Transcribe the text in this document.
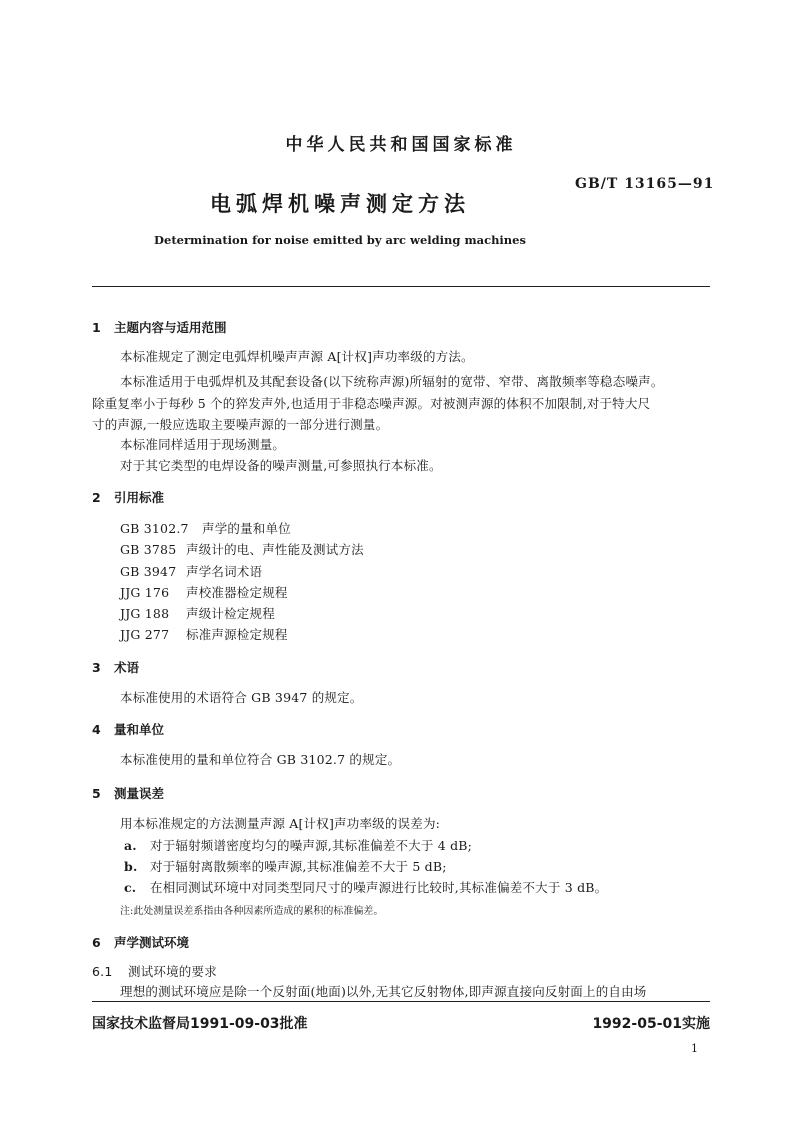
中华人民共和国国家标准
GB/T 13165—91
电弧焊机噪声测定方法
Determination for noise emitted by arc welding machines
1 主题内容与适用范围
本标准规定了测定电弧焊机噪声声源 A[计权]声功率级的方法。
本标准适用于电弧焊机及其配套设备(以下统称声源)所辐射的宽带、窄带、离散频率等稳态噪声。
除重复率小于每秒 5 个的猝发声外,也适用于非稳态噪声源。对被测声源的体积不加限制,对于特大尺
寸的声源,一般应选取主要噪声源的一部分进行测量。
本标准同样适用于现场测量。
对于其它类型的电焊设备的噪声测量,可参照执行本标准。
2 引用标准
GB 3102.7 声学的量和单位
GB 3785 声级计的电、声性能及测试方法
GB 3947 声学名词术语
JJG 176 声校准器检定规程
JJG 188 声级计检定规程
JJG 277 标准声源检定规程
3 术语
本标准使用的术语符合 GB 3947 的规定。
4 量和单位
本标准使用的量和单位符合 GB 3102.7 的规定。
5 测量误差
用本标准规定的方法测量声源 A[计权]声功率级的误差为:
a. 对于辐射频谱密度均匀的噪声源,其标准偏差不大于 4 dB;
b. 对于辐射离散频率的噪声源,其标准偏差不大于 5 dB;
c. 在相同测试环境中对同类型同尺寸的噪声源进行比较时,其标准偏差不大于 3 dB。
注:此处测量误差系指由各种因素所造成的累积的标准偏差。
6 声学测试环境
6.1 测试环境的要求
理想的测试环境应是除一个反射面(地面)以外,无其它反射物体,即声源直接向反射面上的自由场
国家技术监督局1991-09-03批准	1992-05-01实施
1
